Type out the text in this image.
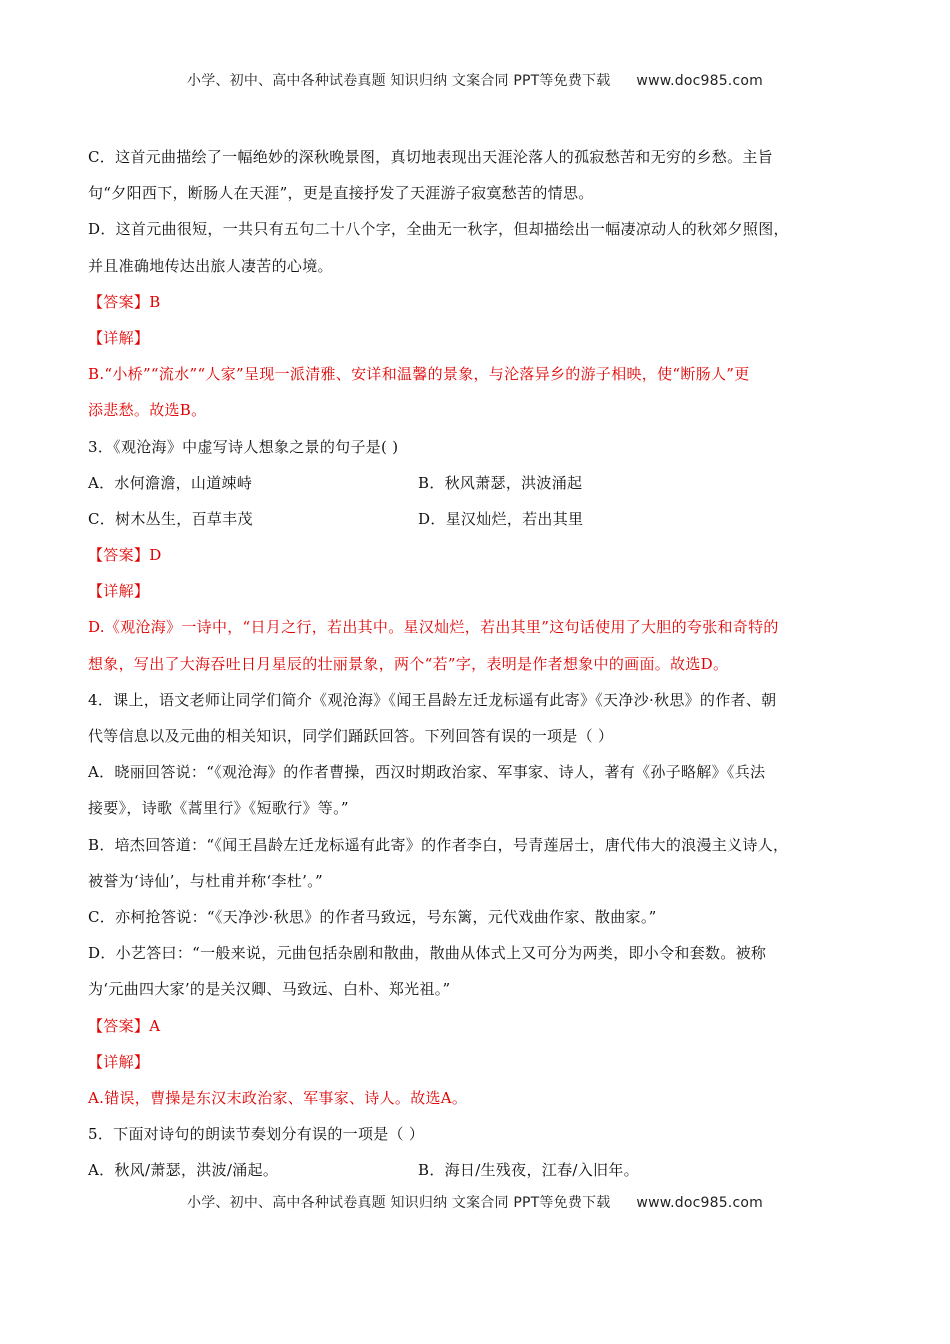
小学、初中、高中各种试卷真题 知识归纳 文案合同 PPT等免费下载 www.doc985.com
C．这首元曲描绘了一幅绝妙的深秋晚景图，真切地表现出天涯沦落人的孤寂愁苦和无穷的乡愁。主旨
句“夕阳西下，断肠人在天涯”，更是直接抒发了天涯游子寂寞愁苦的情思。
D．这首元曲很短，一共只有五句二十八个字，全曲无一秋字，但却描绘出一幅凄凉动人的秋郊夕照图，
并且准确地传达出旅人凄苦的心境。
【答案】B
【详解】
B.“小桥”“流水”“人家”呈现一派清雅、安详和温馨的景象，与沦落异乡的游子相映，使“断肠人”更
添悲愁。故选B。
3．《观沧海》中虚写诗人想象之景的句子是( )
A．水何澹澹，山道竦峙	B．秋风萧瑟，洪波涌起
C．树木丛生，百草丰茂	D．星汉灿烂，若出其里
【答案】D
【详解】
D.《观沧海》一诗中，“日月之行，若出其中。星汉灿烂，若出其里”这句话使用了大胆的夸张和奇特的
想象，写出了大海吞吐日月星辰的壮丽景象，两个“若”字，表明是作者想象中的画面。故选D。
4．课上，语文老师让同学们简介《观沧海》《闻王昌龄左迁龙标遥有此寄》《天净沙·秋思》的作者、朝
代等信息以及元曲的相关知识，同学们踊跃回答。下列回答有误的一项是（ ）
A．晓丽回答说：“《观沧海》的作者曹操，西汉时期政治家、军事家、诗人，著有《孙子略解》《兵法
接要》，诗歌《蒿里行》《短歌行》等。”
B．培杰回答道：“《闻王昌龄左迁龙标遥有此寄》的作者李白，号青莲居士，唐代伟大的浪漫主义诗人，
被誉为‘诗仙’，与杜甫并称‘李杜’。”
C．亦柯抢答说：“《天净沙·秋思》的作者马致远，号东篱，元代戏曲作家、散曲家。”
D．小艺答曰：“一般来说，元曲包括杂剧和散曲，散曲从体式上又可分为两类，即小令和套数。被称
为‘元曲四大家’的是关汉卿、马致远、白朴、郑光祖。”
【答案】A
【详解】
A.错误，曹操是东汉末政治家、军事家、诗人。故选A。
5．下面对诗句的朗读节奏划分有误的一项是（ ）
A．秋风/萧瑟，洪波/涌起。	B．海日/生残夜，江春/入旧年。
小学、初中、高中各种试卷真题 知识归纳 文案合同 PPT等免费下载 www.doc985.com
